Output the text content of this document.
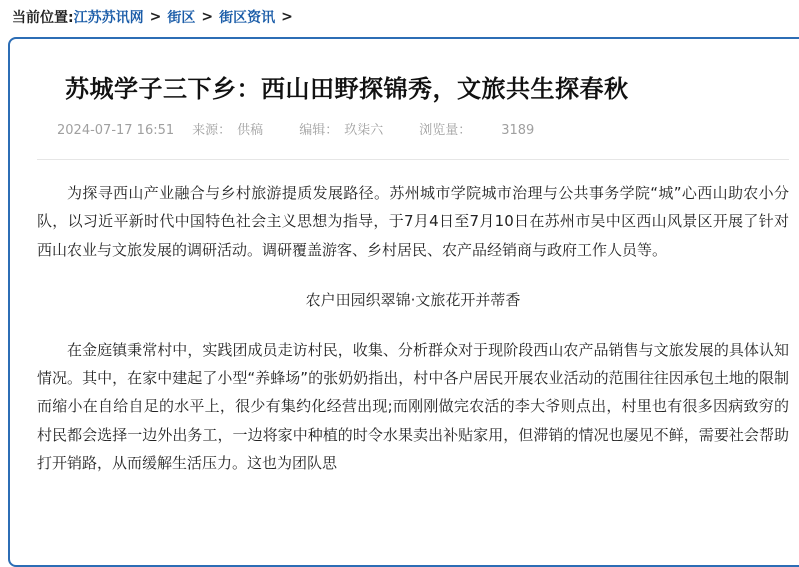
当前位置: 江苏苏讯网 > 街区 > 街区资讯 >
苏城学子三下乡：西山田野探锦秀，文旅共生探春秋
2024-07-17 16:51 来源： 供稿	编辑： 玖柒六	浏览量： 3189

为探寻西山产业融合与乡村旅游提质发展路径。苏州城市学院城市治理与公共事务学院“城”心西山助农小分队，以习近平新时代中国特色社会主义思想为指导，于7月4日至7月10日在苏州市吴中区西山风景区开展了针对西山农业与文旅发展的调研活动。调研覆盖游客、乡村居民、农产品经销商与政府工作人员等。

农户田园织翠锦·文旅花开并蒂香

在金庭镇秉常村中，实践团成员走访村民，收集、分析群众对于现阶段西山农产品销售与文旅发展的具体认知情况。其中，在家中建起了小型“养蜂场”的张奶奶指出，村中各户居民开展农业活动的范围往往因承包土地的限制而缩小在自给自足的水平上，很少有集约化经营出现;而刚刚做完农活的李大爷则点出，村里也有很多因病致穷的村民都会选择一边外出务工，一边将家中种植的时令水果卖出补贴家用，但滞销的情况也屡见不鲜，需要社会帮助打开销路，从而缓解生活压力。这也为团队思
